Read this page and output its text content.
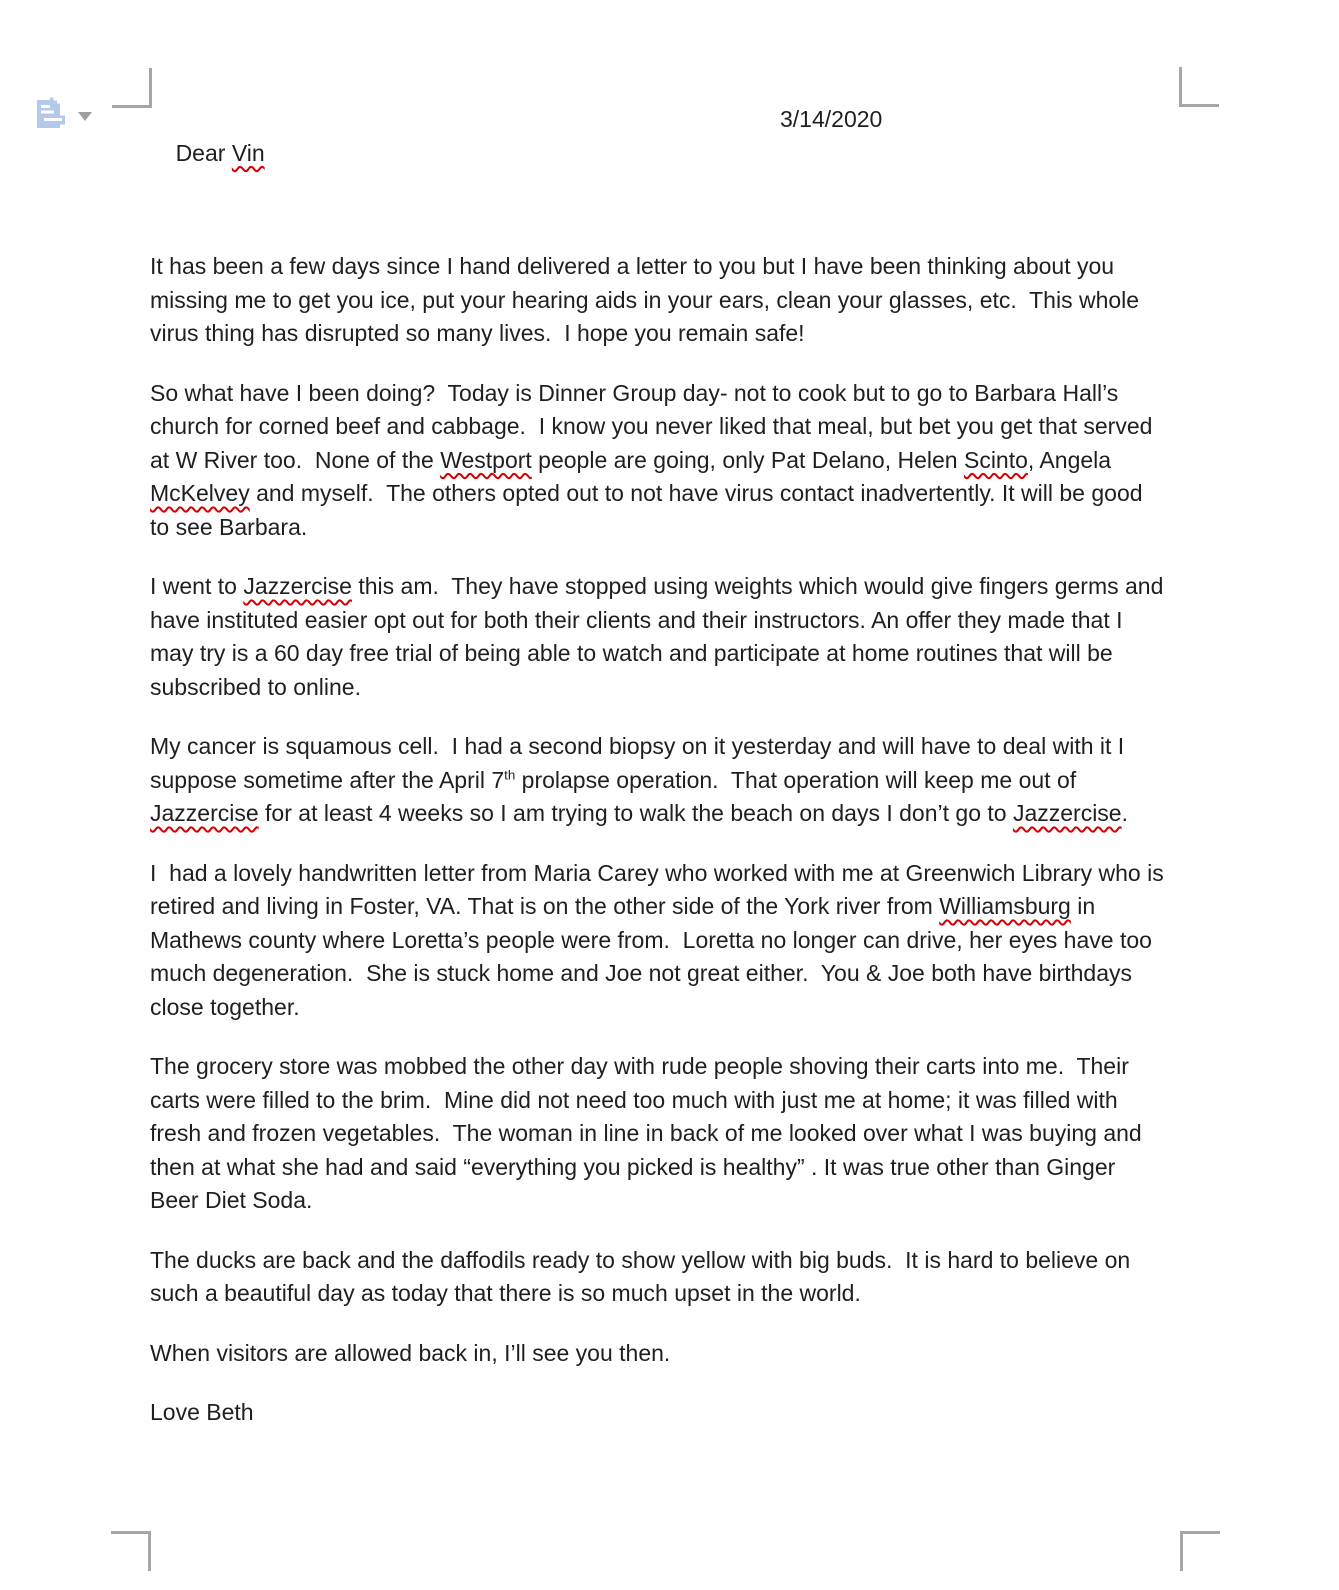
Dear Vin

3/14/2020

It has been a few days since I hand delivered a letter to you but I have been thinking about you missing me to get you ice, put your hearing aids in your ears, clean your glasses, etc.  This whole virus thing has disrupted so many lives.  I hope you remain safe!

So what have I been doing?  Today is Dinner Group day- not to cook but to go to Barbara Hall’s church for corned beef and cabbage.  I know you never liked that meal, but bet you get that served at W River too.  None of the Westport people are going, only Pat Delano, Helen Scinto, Angela McKelvey and myself.  The others opted out to not have virus contact inadvertently. It will be good to see Barbara.

I went to Jazzercise this am.  They have stopped using weights which would give fingers germs and have instituted easier opt out for both their clients and their instructors. An offer they made that I may try is a 60 day free trial of being able to watch and participate at home routines that will be subscribed to online.

My cancer is squamous cell.  I had a second biopsy on it yesterday and will have to deal with it I suppose sometime after the April 7th prolapse operation.  That operation will keep me out of Jazzercise for at least 4 weeks so I am trying to walk the beach on days I don’t go to Jazzercise.

I  had a lovely handwritten letter from Maria Carey who worked with me at Greenwich Library who is retired and living in Foster, VA. That is on the other side of the York river from Williamsburg in Mathews county where Loretta’s people were from.  Loretta no longer can drive, her eyes have too much degeneration.  She is stuck home and Joe not great either.  You & Joe both have birthdays close together.

The grocery store was mobbed the other day with rude people shoving their carts into me.  Their carts were filled to the brim.  Mine did not need too much with just me at home; it was filled with fresh and frozen vegetables.  The woman in line in back of me looked over what I was buying and then at what she had and said “everything you picked is healthy” . It was true other than Ginger Beer Diet Soda.

The ducks are back and the daffodils ready to show yellow with big buds.  It is hard to believe on such a beautiful day as today that there is so much upset in the world.

When visitors are allowed back in, I’ll see you then.

Love Beth
